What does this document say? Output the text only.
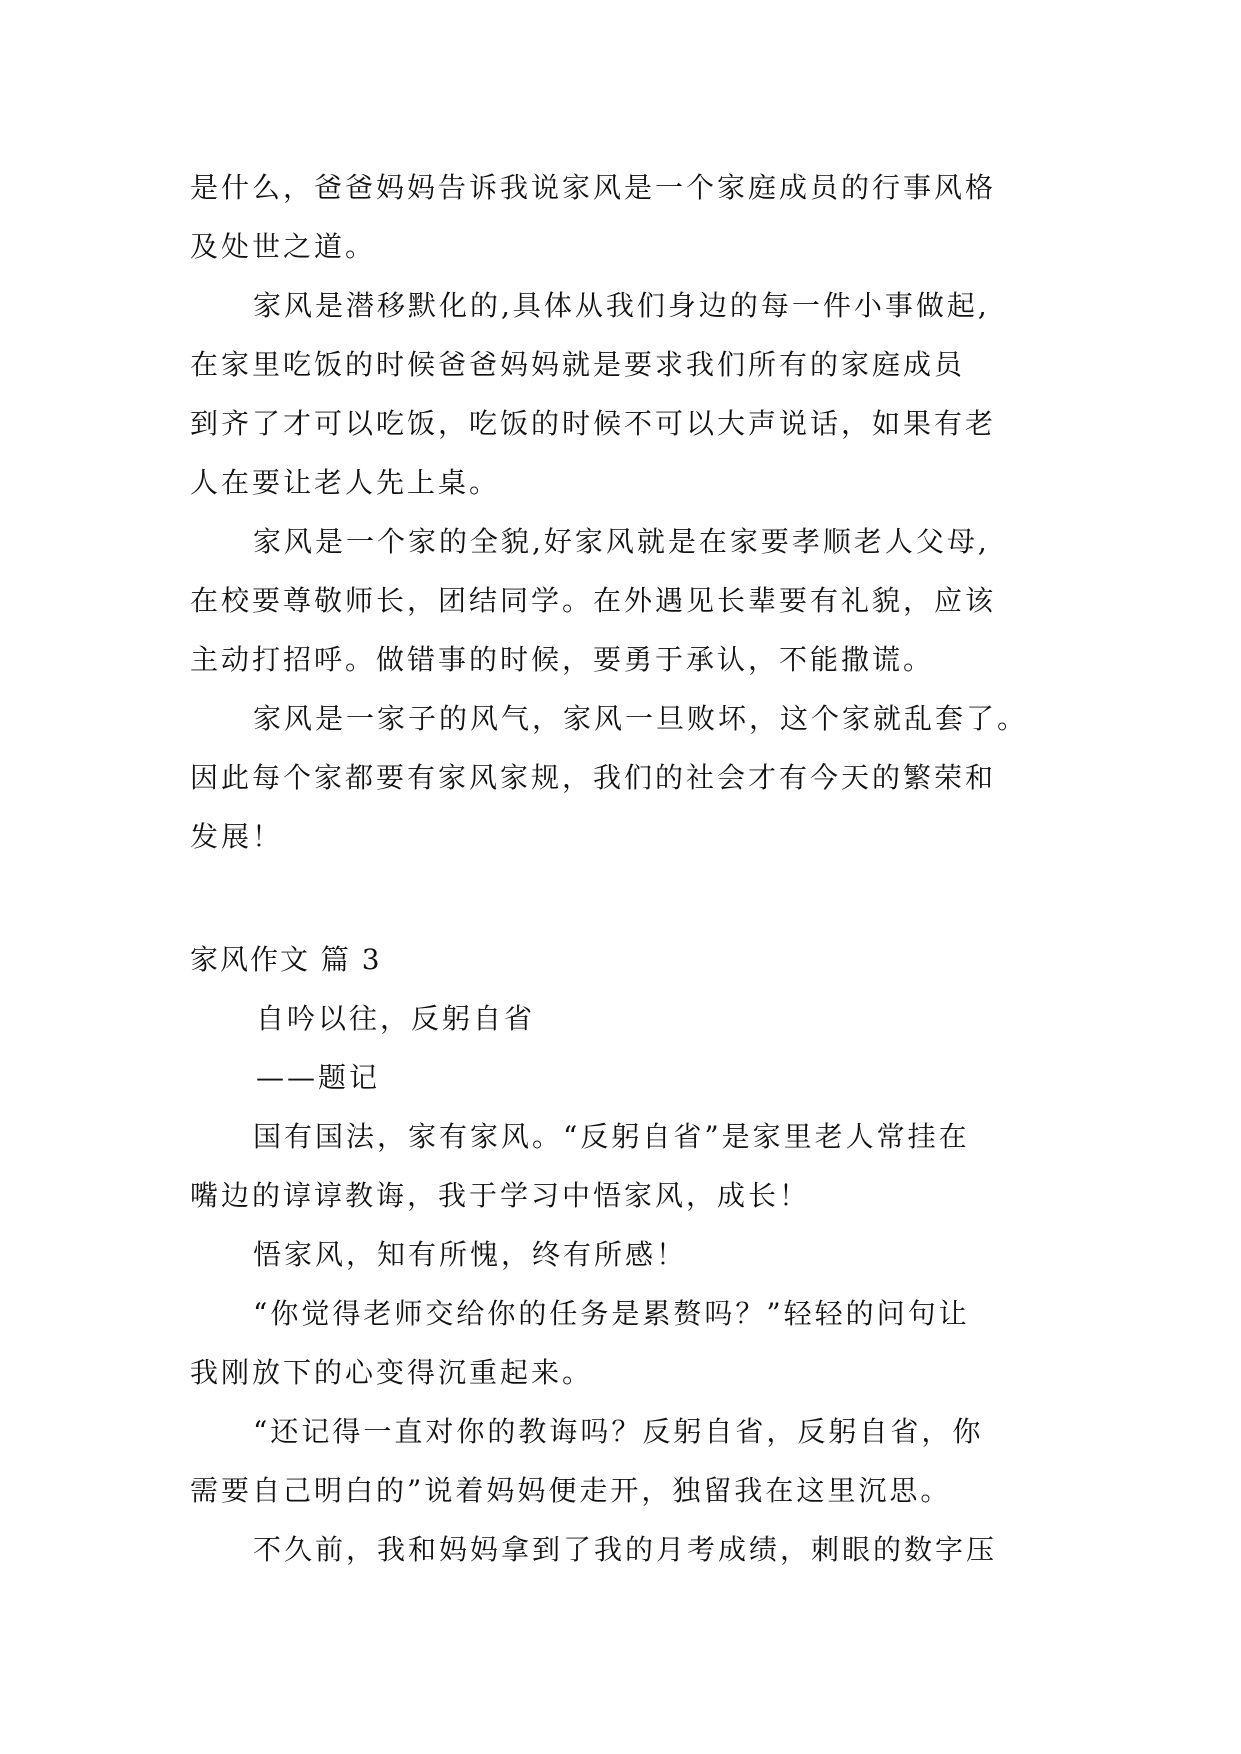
是什么，爸爸妈妈告诉我说家风是一个家庭成员的行事风格
及处世之道。
家风是潜移默化的,具体从我们身边的每一件小事做起,
在家里吃饭的时候爸爸妈妈就是要求我们所有的家庭成员
到齐了才可以吃饭，吃饭的时候不可以大声说话，如果有老
人在要让老人先上桌。
家风是一个家的全貌,好家风就是在家要孝顺老人父母,
在校要尊敬师长，团结同学。在外遇见长辈要有礼貌，应该
主动打招呼。做错事的时候，要勇于承认，不能撒谎。
家风是一家子的风气，家风一旦败坏，这个家就乱套了。
因此每个家都要有家风家规，我们的社会才有今天的繁荣和
发展！
家风作文 篇 3
自吟以往，反躬自省
——题记
国有国法，家有家风。“反躬自省”是家里老人常挂在
嘴边的谆谆教诲，我于学习中悟家风，成长！
悟家风，知有所愧，终有所感！
“你觉得老师交给你的任务是累赘吗？”轻轻的问句让
我刚放下的心变得沉重起来。
“还记得一直对你的教诲吗？反躬自省，反躬自省，你
需要自己明白的”说着妈妈便走开，独留我在这里沉思。
不久前，我和妈妈拿到了我的月考成绩，刺眼的数字压
